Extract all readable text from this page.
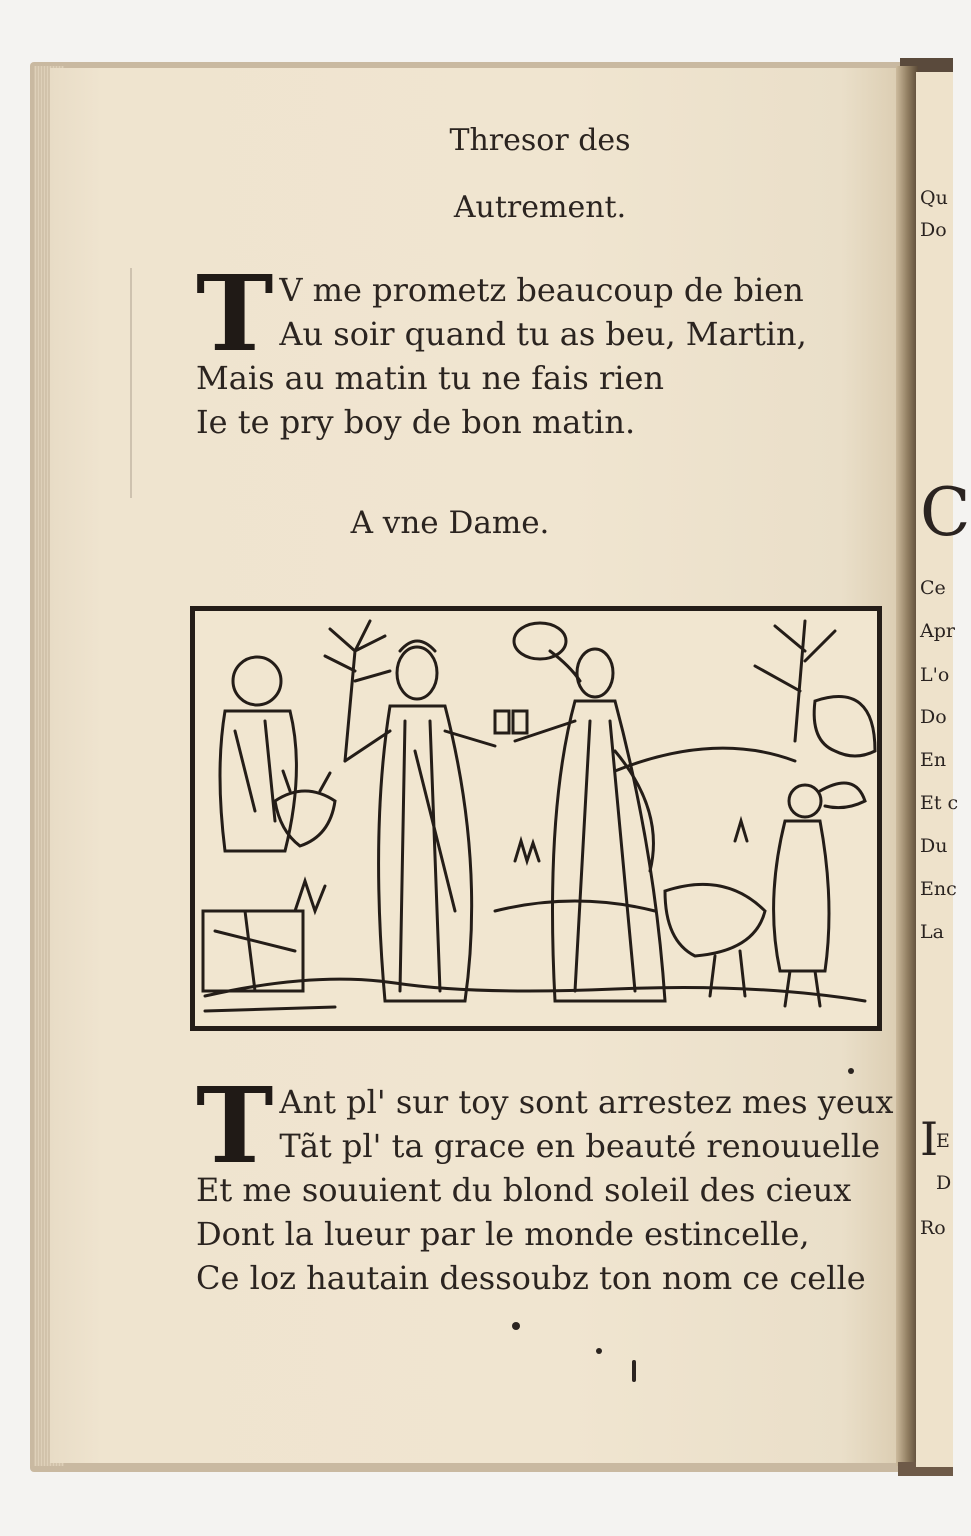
Qu
Do
C
Ce
Apr
L'o
Do
En
Et c
Du
Enc
La
I
E
D
Ro
Thresor des
Autrement.
T V me prometz beaucoup de bien
Au soir quand tu as beu, Martin,
Mais au matin tu ne fais rien
Ie te pry boy de bon matin.
A vne Dame.
T Ant pl' sur toy sont arrestez mes yeux
Tãt pl' ta grace en beauté renouuelle
Et me souuient du blond soleil des cieux
Dont la lueur par le monde estincelle,
Ce loz hautain dessoubz ton nom ce celle
